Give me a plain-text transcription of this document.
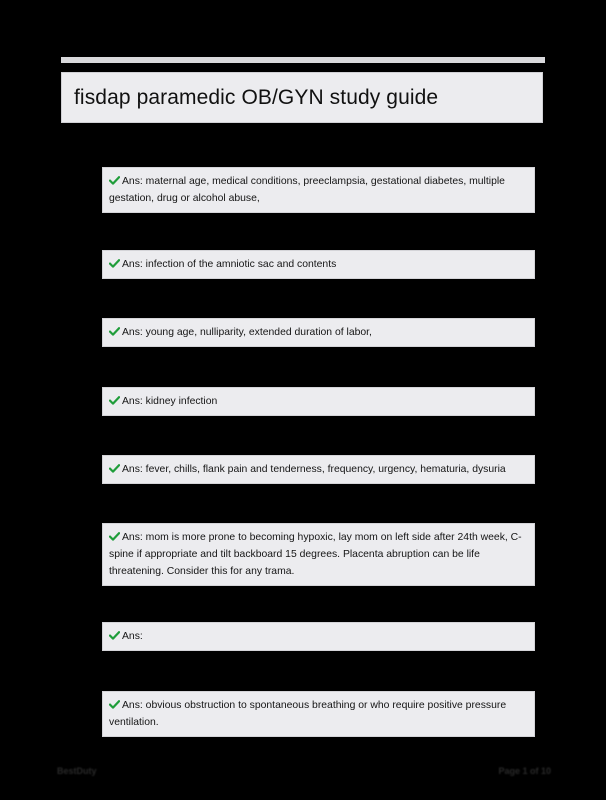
fisdap paramedic OB/GYN study guide
Ans: maternal age, medical conditions, preeclampsia, gestational diabetes, multiple gestation, drug or alcohol abuse,
Ans: infection of the amniotic sac and contents
Ans: young age, nulliparity, extended duration of labor,
Ans: kidney infection
Ans: fever, chills, flank pain and tenderness, frequency, urgency, hematuria, dysuria
Ans: mom is more prone to becoming hypoxic, lay mom on left side after 24th week, C-spine if appropriate and tilt backboard 15 degrees. Placenta abruption can be life threatening. Consider this for any trama.
Ans:
Ans: obvious obstruction to spontaneous breathing or who require positive pressure ventilation.
BestDuty	Page 1 of 10
